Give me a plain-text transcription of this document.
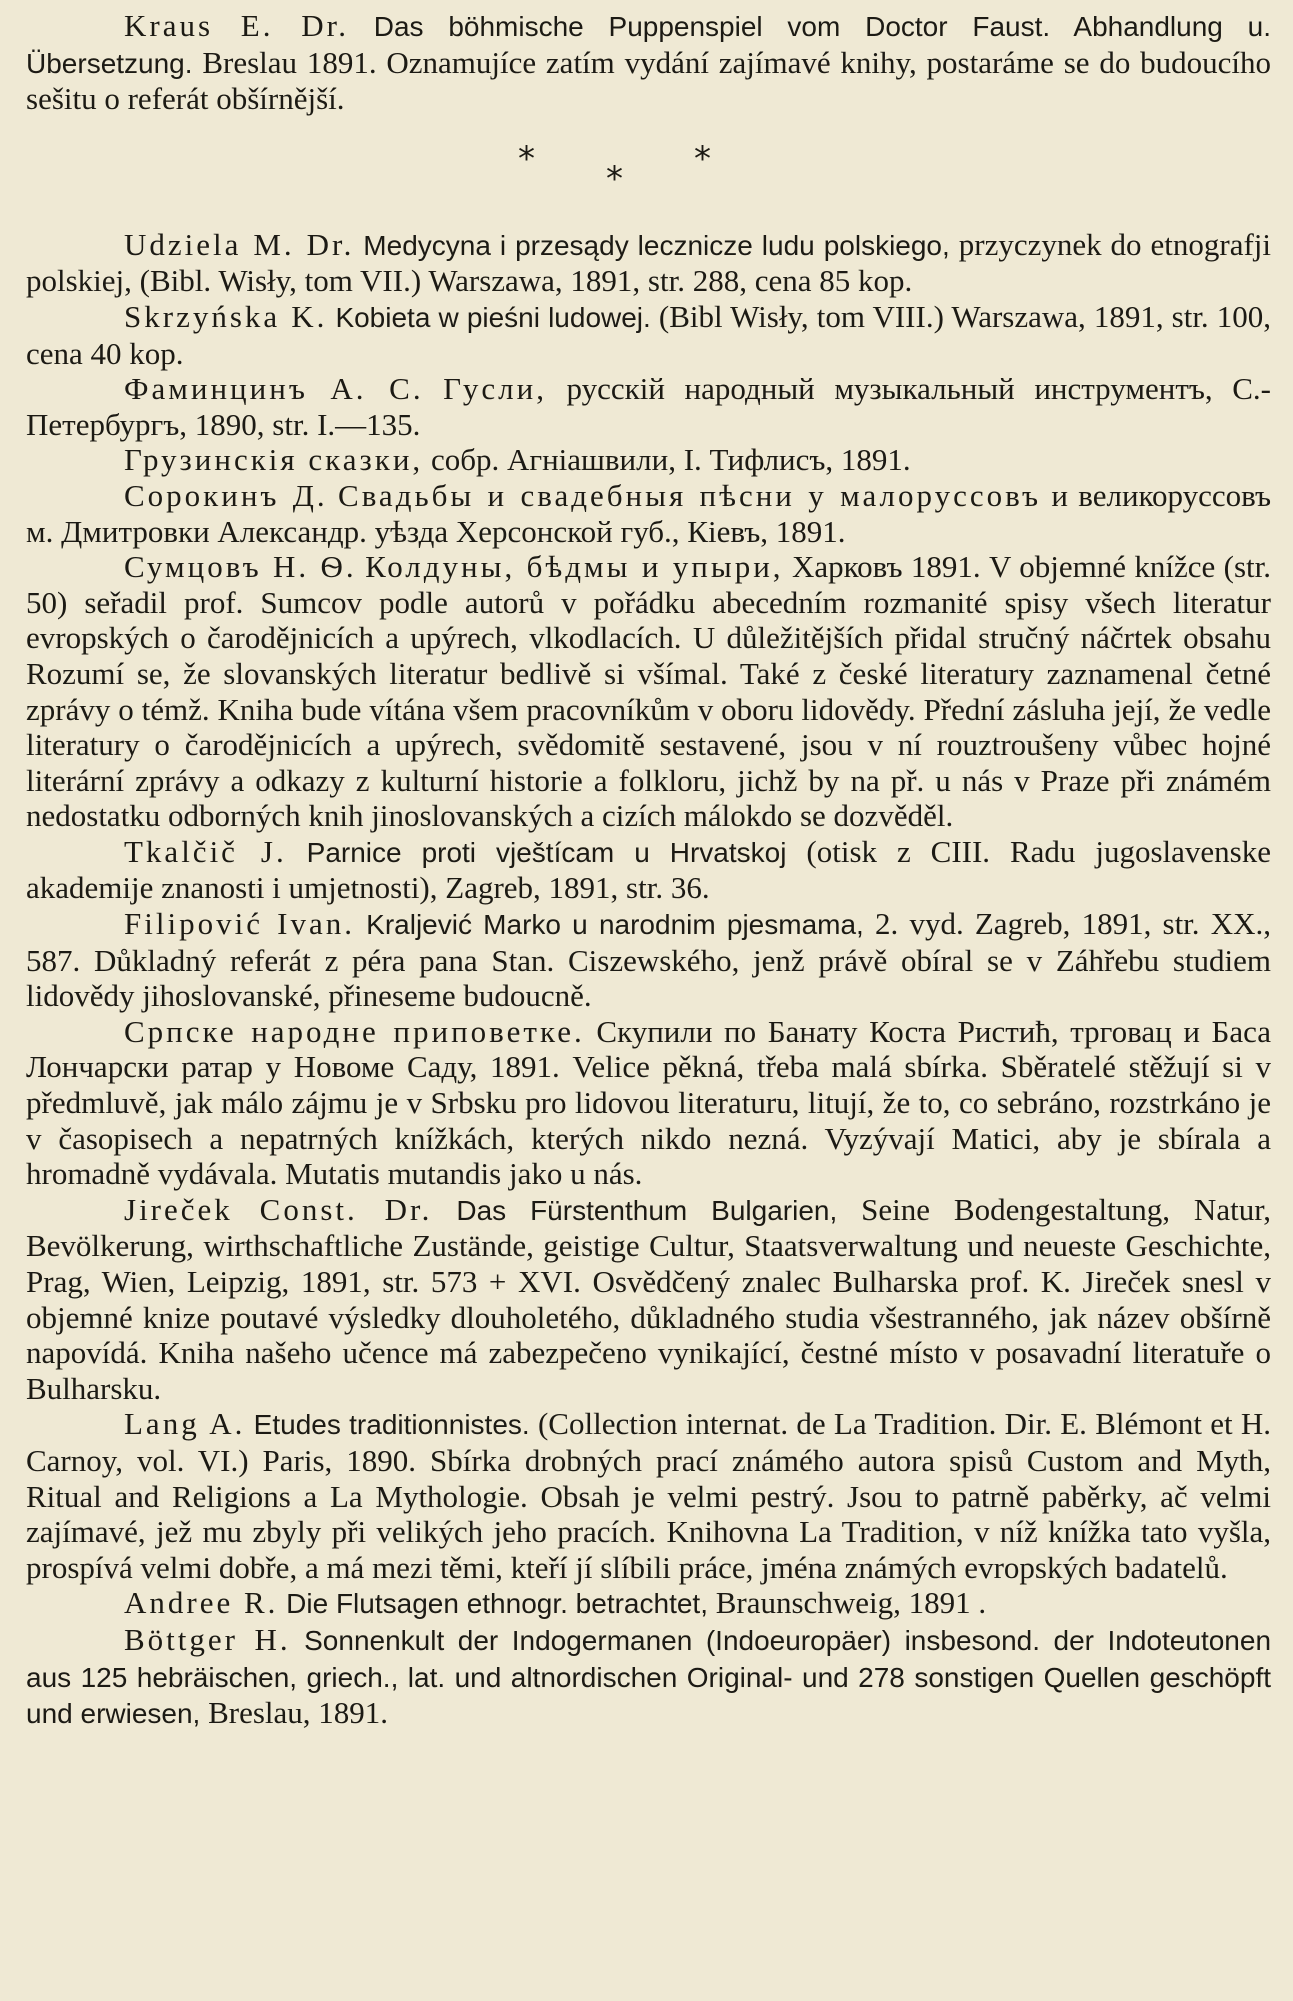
Kraus E. Dr. Das böhmische Puppenspiel vom Doctor Faust. Abhandlung u. Übersetzung. Breslau 1891. Oznamujíce zatím vydání zajímavé knihy, postaráme se do budoucího sešitu o referát obšírnější.

* * *

Udziela M. Dr. Medycyna i przesądy lecznicze ludu polskiego, przyczynek do etnografji polskiej, (Bibl. Wisły, tom VII.) Warszawa, 1891, str. 288, cena 85 kop.

Skrzyńska K. Kobieta w pieśni ludowej. (Bibl Wisły, tom VIII.) Warszawa, 1891, str. 100, cena 40 kop.

Фаминцинъ А. С. Гусли, русскій народный музыкальный инструментъ, С.-Петербургъ, 1890, str. I.—135.

Грузинскія сказки, собр. Агніашвили, I. Тифлисъ, 1891.

Сорокинъ Д. Свадьбы и свадебныя пѣсни у малоруссовъ и великоруссовъ м. Дмитровки Александр. уѣзда Херсонской губ., Кіевъ, 1891.

Сумцовъ Н. Ѳ. Колдуны, бѣдмы и упыри, Харковъ 1891. V objemné knížce (str. 50) seřadil prof. Sumcov podle autorů v pořádku abecedním rozmanité spisy všech literatur evropských o čarodějnicích a upýrech, vlkodlacích. U důležitějších přidal stručný náčrtek obsahu Rozumí se, že slovanských literatur bedlivě si všímal. Také z české literatury zaznamenal četné zprávy o témž. Kniha bude vítána všem pracovníkům v oboru lidovědy. Přední zásluha její, že vedle literatury o čarodějnicích a upýrech, svědomitě sestavené, jsou v ní rouztroušeny vůbec hojné literární zprávy a odkazy z kulturní historie a folkloru, jichž by na př. u nás v Praze při známém nedostatku odborných knih jinoslovanských a cizích málokdo se dozvěděl.

Tkalčič J. Parnice proti vještícam u Hrvatskoj (otisk z CIII. Radu jugoslavenske akademije znanosti i umjetnosti), Zagreb, 1891, str. 36.

Filipović Ivan. Kraljević Marko u narodnim pjesmama, 2. vyd. Zagreb, 1891, str. XX., 587. Důkladný referát z péra pana Stan. Ciszewského, jenž právě obíral se v Záhřebu studiem lidovědy jihoslovanské, přineseme budoucně.

Српске народне приповетке. Скупили по Банату Коста Ристић, трговац и Баса Лончарски ратар у Новоме Саду, 1891. Velice pěkná, třeba malá sbírka. Sběratelé stěžují si v předmluvě, jak málo zájmu je v Srbsku pro lidovou literaturu, litují, že to, co sebráno, rozstrkáno je v časopisech a nepatrných knížkách, kterých nikdo nezná. Vyzývají Matici, aby je sbírala a hromadně vydávala. Mutatis mutandis jako u nás.

Jireček Const. Dr. Das Fürstenthum Bulgarien, Seine Bodengestaltung, Natur, Bevölkerung, wirthschaftliche Zustände, geistige Cultur, Staatsverwaltung und neueste Geschichte, Prag, Wien, Leipzig, 1891, str. 573 + XVI. Osvědčený znalec Bulharska prof. K. Jireček snesl v objemné knize poutavé výsledky dlouholetého, důkladného studia všestranného, jak název obšírně napovídá. Kniha našeho učence má zabezpečeno vynikající, čestné místo v posavadní literatuře o Bulharsku.

Lang A. Etudes traditionnistes. (Collection internat. de La Tradition. Dir. E. Blémont et H. Carnoy, vol. VI.) Paris, 1890. Sbírka drobných prací známého autora spisů Custom and Myth, Ritual and Religions a La Mythologie. Obsah je velmi pestrý. Jsou to patrně paběrky, ač velmi zajímavé, jež mu zbyly při velikých jeho pracích. Knihovna La Tradition, v níž knížka tato vyšla, prospívá velmi dobře, a má mezi těmi, kteří jí slíbili práce, jména známých evropských badatelů.

Andree R. Die Flutsagen ethnogr. betrachtet, Braunschweig, 1891 .

Böttger H. Sonnenkult der Indogermanen (Indoeuropäer) insbesond. der Indoteutonen aus 125 hebräischen, griech., lat. und altnordischen Original- und 278 sonstigen Quellen geschöpft und erwiesen, Breslau, 1891.
